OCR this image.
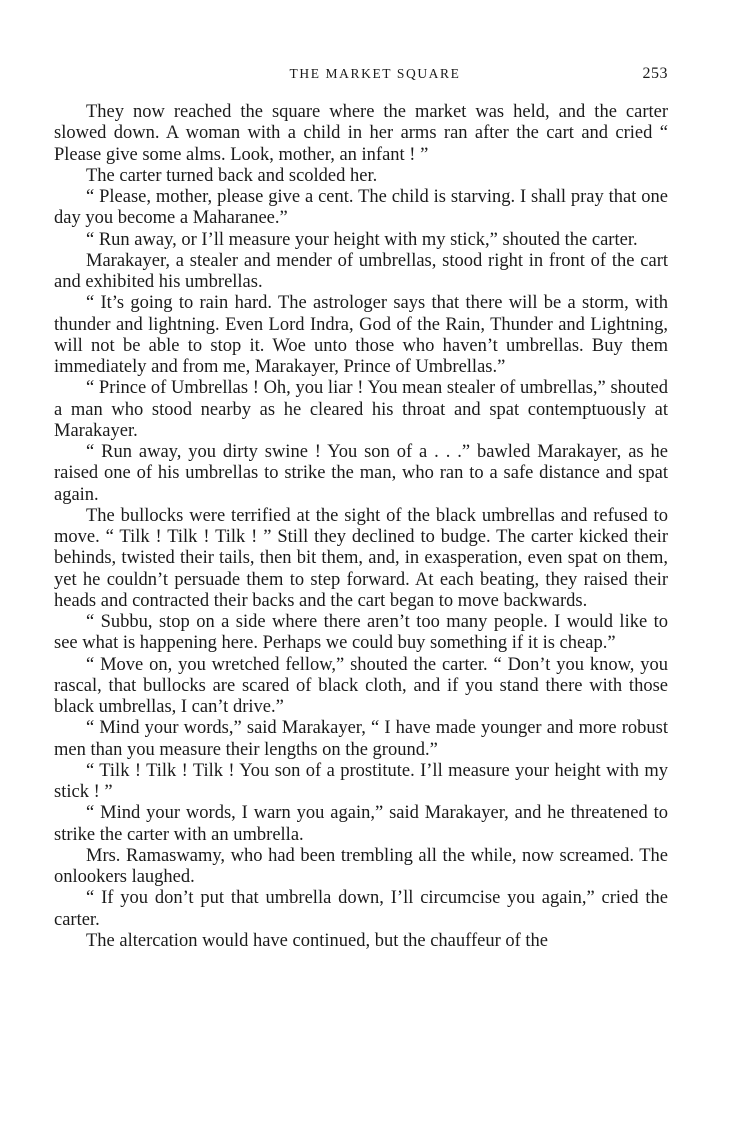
THE MARKET SQUARE	253

They now reached the square where the market was held, and the carter slowed down. A woman with a child in her arms ran after the cart and cried “ Please give some alms. Look, mother, an infant ! ”

The carter turned back and scolded her.

“ Please, mother, please give a cent. The child is starving. I shall pray that one day you become a Maharanee.”

“ Run away, or I’ll measure your height with my stick,” shouted the carter.

Marakayer, a stealer and mender of umbrellas, stood right in front of the cart and exhibited his umbrellas.

“ It’s going to rain hard. The astrologer says that there will be a storm, with thunder and lightning. Even Lord Indra, God of the Rain, Thunder and Lightning, will not be able to stop it. Woe unto those who haven’t umbrellas. Buy them immediately and from me, Marakayer, Prince of Umbrellas.”

“ Prince of Umbrellas ! Oh, you liar ! You mean stealer of umbrellas,” shouted a man who stood nearby as he cleared his throat and spat contemptuously at Marakayer.

“ Run away, you dirty swine ! You son of a . . .” bawled Marakayer, as he raised one of his umbrellas to strike the man, who ran to a safe distance and spat again.

The bullocks were terrified at the sight of the black umbrellas and refused to move. “ Tilk ! Tilk ! Tilk ! ” Still they declined to budge. The carter kicked their behinds, twisted their tails, then bit them, and, in exasperation, even spat on them, yet he couldn’t persuade them to step forward. At each beating, they raised their heads and contracted their backs and the cart began to move backwards.

“ Subbu, stop on a side where there aren’t too many people. I would like to see what is happening here. Perhaps we could buy something if it is cheap.”

“ Move on, you wretched fellow,” shouted the carter. “ Don’t you know, you rascal, that bullocks are scared of black cloth, and if you stand there with those black umbrellas, I can’t drive.”

“ Mind your words,” said Marakayer, “ I have made younger and more robust men than you measure their lengths on the ground.”

“ Tilk ! Tilk ! Tilk ! You son of a prostitute. I’ll measure your height with my stick ! ”

“ Mind your words, I warn you again,” said Marakayer, and he threatened to strike the carter with an umbrella.

Mrs. Ramaswamy, who had been trembling all the while, now screamed. The onlookers laughed.

“ If you don’t put that umbrella down, I’ll circumcise you again,” cried the carter.

The altercation would have continued, but the chauffeur of the
